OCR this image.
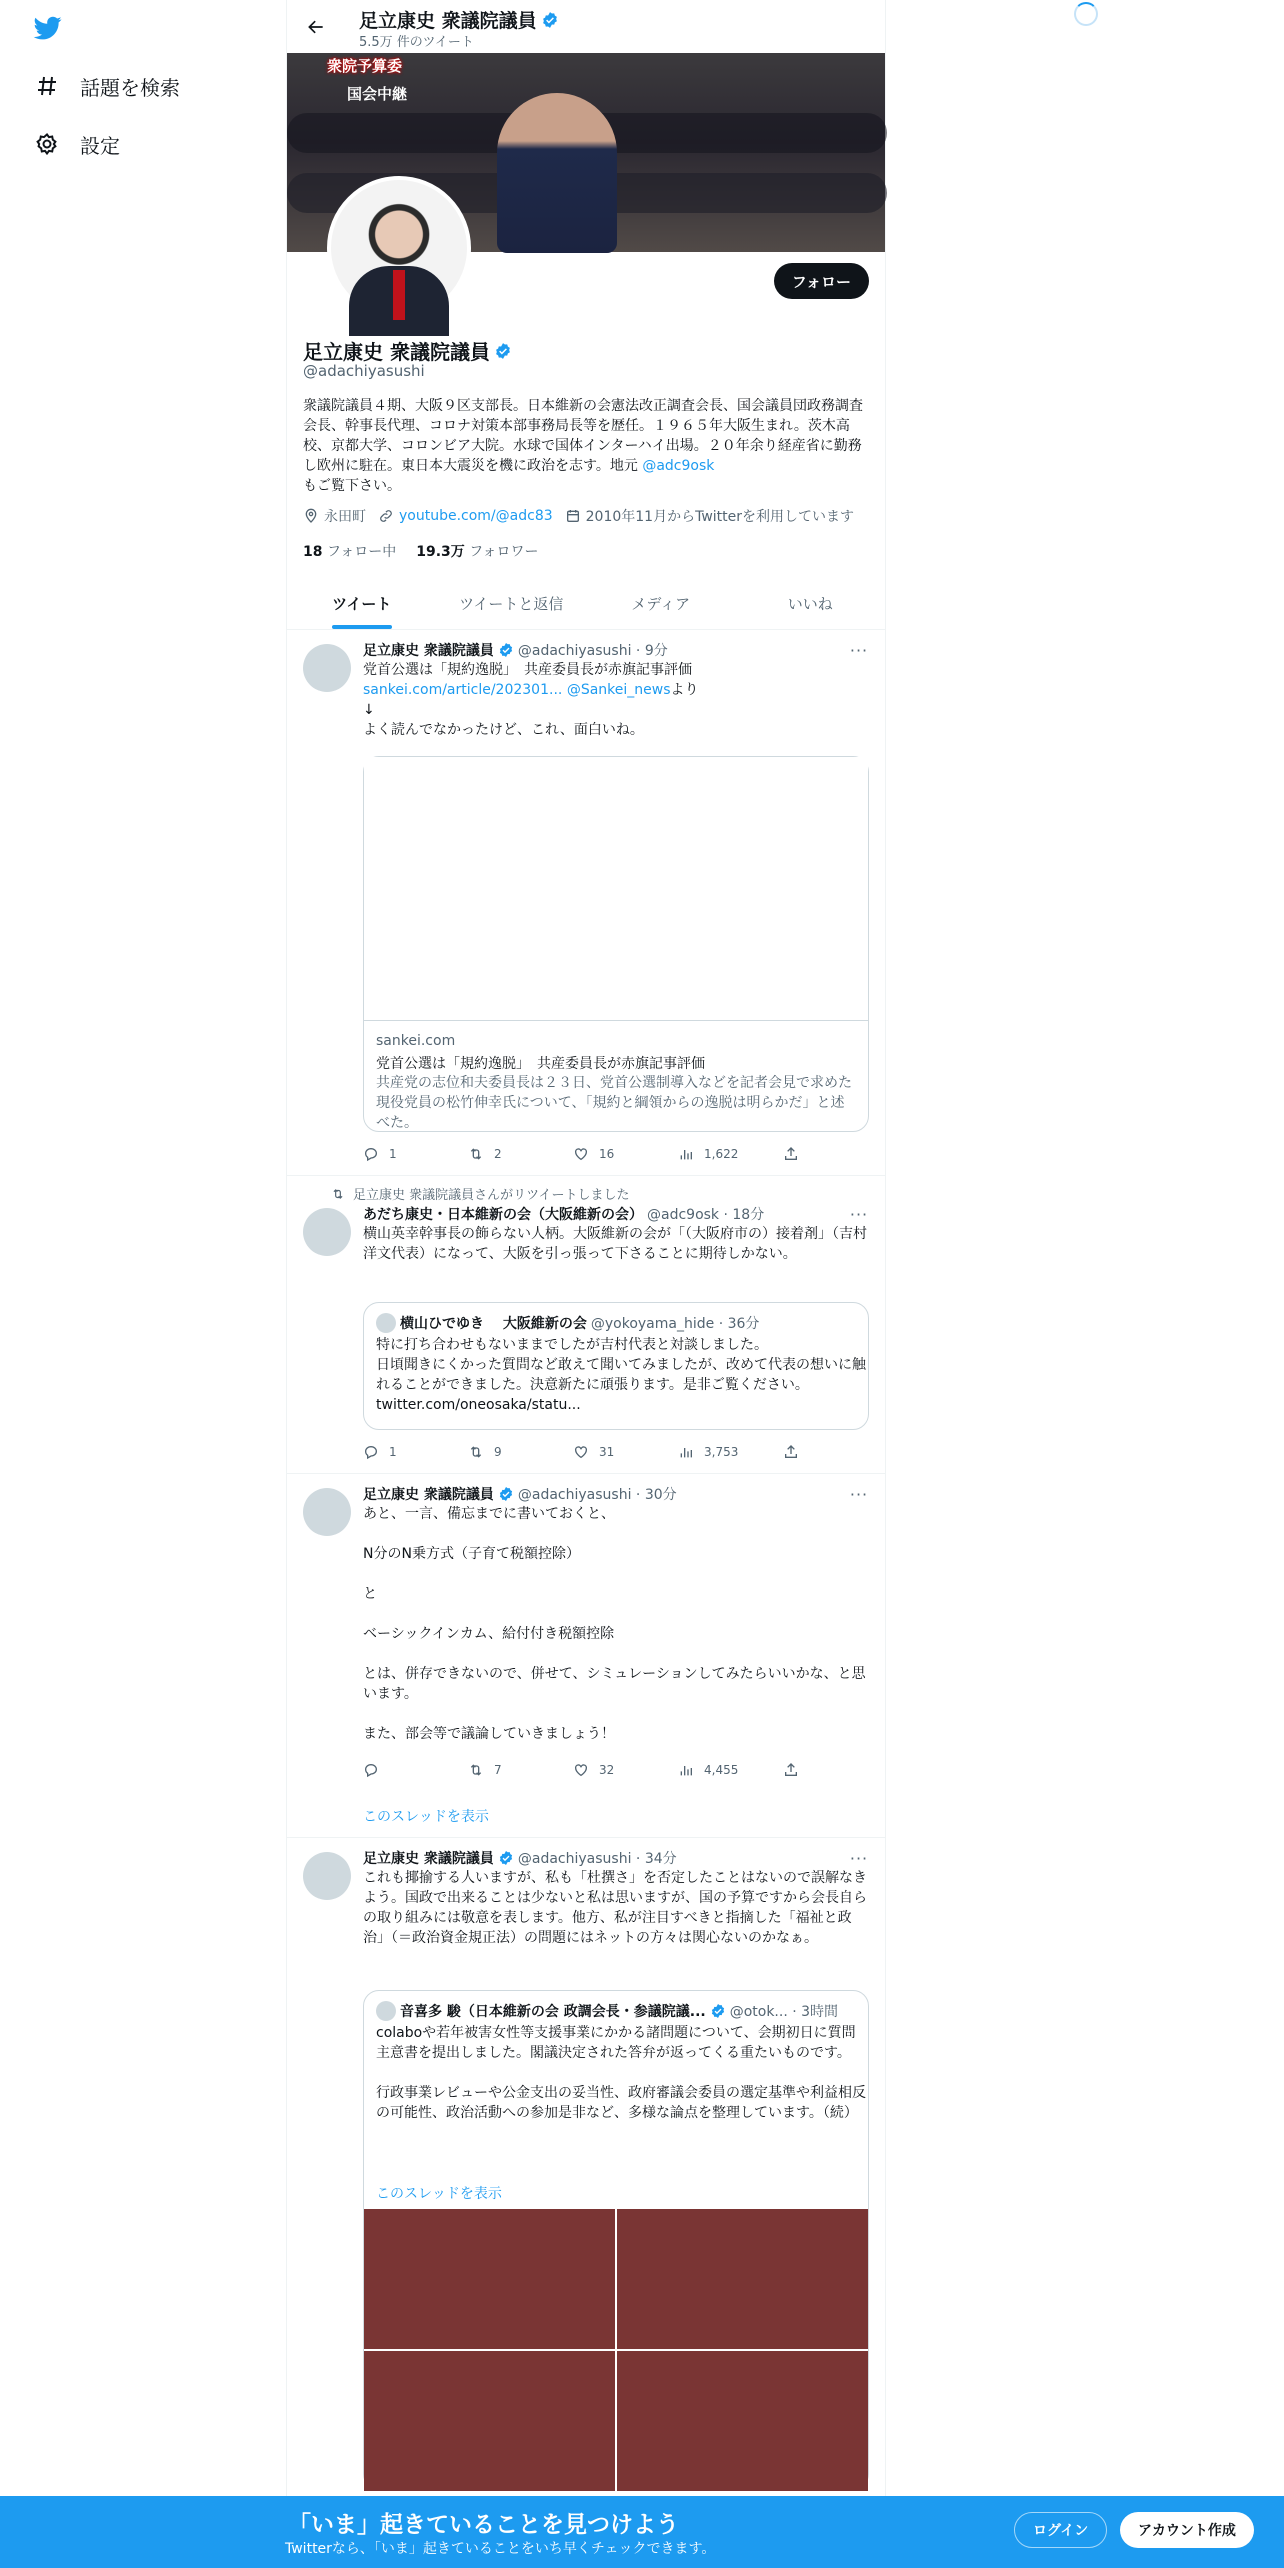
話題を検索
設定
足立康史 衆議院議員
5.5万 件のツイート
衆院予算委
国会中継
フォロー
足立康史 衆議院議員
@adachiyasushi
衆議院議員４期、大阪９区支部長。日本維新の会憲法改正調査会長、国会議員団政務調査会長、幹事長代理、コロナ対策本部事務局長等を歴任。１９６５年大阪生まれ。茨木高校、京都大学、コロンビア大院。水球で国体インターハイ出場。２０年余り経産省に勤務し欧州に駐在。東日本大震災を機に政治を志す。地元 @adc9osk
もご覧下さい。
永田町 youtube.com/@adc83 2010年11月からTwitterを利用しています
18 フォロー中 19.3万 フォロワー
ツイート	ツイートと返信	メディア	いいね
···
足立康史 衆議院議員 @adachiyasushi · 9分
党首公選は「規約逸脱」　共産委員長が赤旗記事評価
sankei.com/article/202301... @Sankei_newsより
↓
よく読んでなかったけど、これ、面白いね。
sankei.com
党首公選は「規約逸脱」　共産委員長が赤旗記事評価
共産党の志位和夫委員長は２３日、党首公選制導入などを記者会見で求めた現役党員の松竹伸幸氏について、「規約と綱領からの逸脱は明らかだ」と述べた。
1	2	16	1,622
足立康史 衆議院議員さんがリツイートしました
···
あだち康史・日本維新の会（大阪維新の会） @adc9osk · 18分
横山英幸幹事長の飾らない人柄。大阪維新の会が「（大阪府市の）接着剤」（吉村洋文代表）になって、大阪を引っ張って下さることに期待しかない。
横山ひでゆき　 大阪維新の会 @yokoyama_hide · 36分
特に打ち合わせもないままでしたが吉村代表と対談しました。
日頃聞きにくかった質問など敢えて聞いてみましたが、改めて代表の想いに触れることができました。決意新たに頑張ります。是非ご覧ください。 twitter.com/oneosaka/statu...
1	9	31	3,753
···
足立康史 衆議院議員 @adachiyasushi · 30分
あと、一言、備忘までに書いておくと、

N分のN乗方式（子育て税額控除）

と

ベーシックインカム、給付付き税額控除

とは、併存できないので、併せて、シミュレーションしてみたらいいかな、と思います。

また、部会等で議論していきましょう！
7	32	4,455
このスレッドを表示
···
足立康史 衆議院議員 @adachiyasushi · 34分
これも揶揄する人いますが、私も「杜撰さ」を否定したことはないので誤解なきよう。国政で出来ることは少ないと私は思いますが、国の予算ですから会長自らの取り組みには敬意を表します。他方、私が注目すべきと指摘した「福祉と政治」（＝政治資金規正法）の問題にはネットの方々は関心ないのかなぁ。
音喜多 駿（日本維新の会 政調会長・参議院議... @otok... · 3時間
colaboや若年被害女性等支援事業にかかる諸問題について、会期初日に質問主意書を提出しました。閣議決定された答弁が返ってくる重たいものです。

行政事業レビューや公金支出の妥当性、政府審議会委員の選定基準や利益相反の可能性、政治活動への参加是非など、多様な論点を整理しています。（続）
このスレッドを表示
「いま」起きていることを見つけよう
Twitterなら、「いま」起きていることをいち早くチェックできます。
ログイン	アカウント作成
